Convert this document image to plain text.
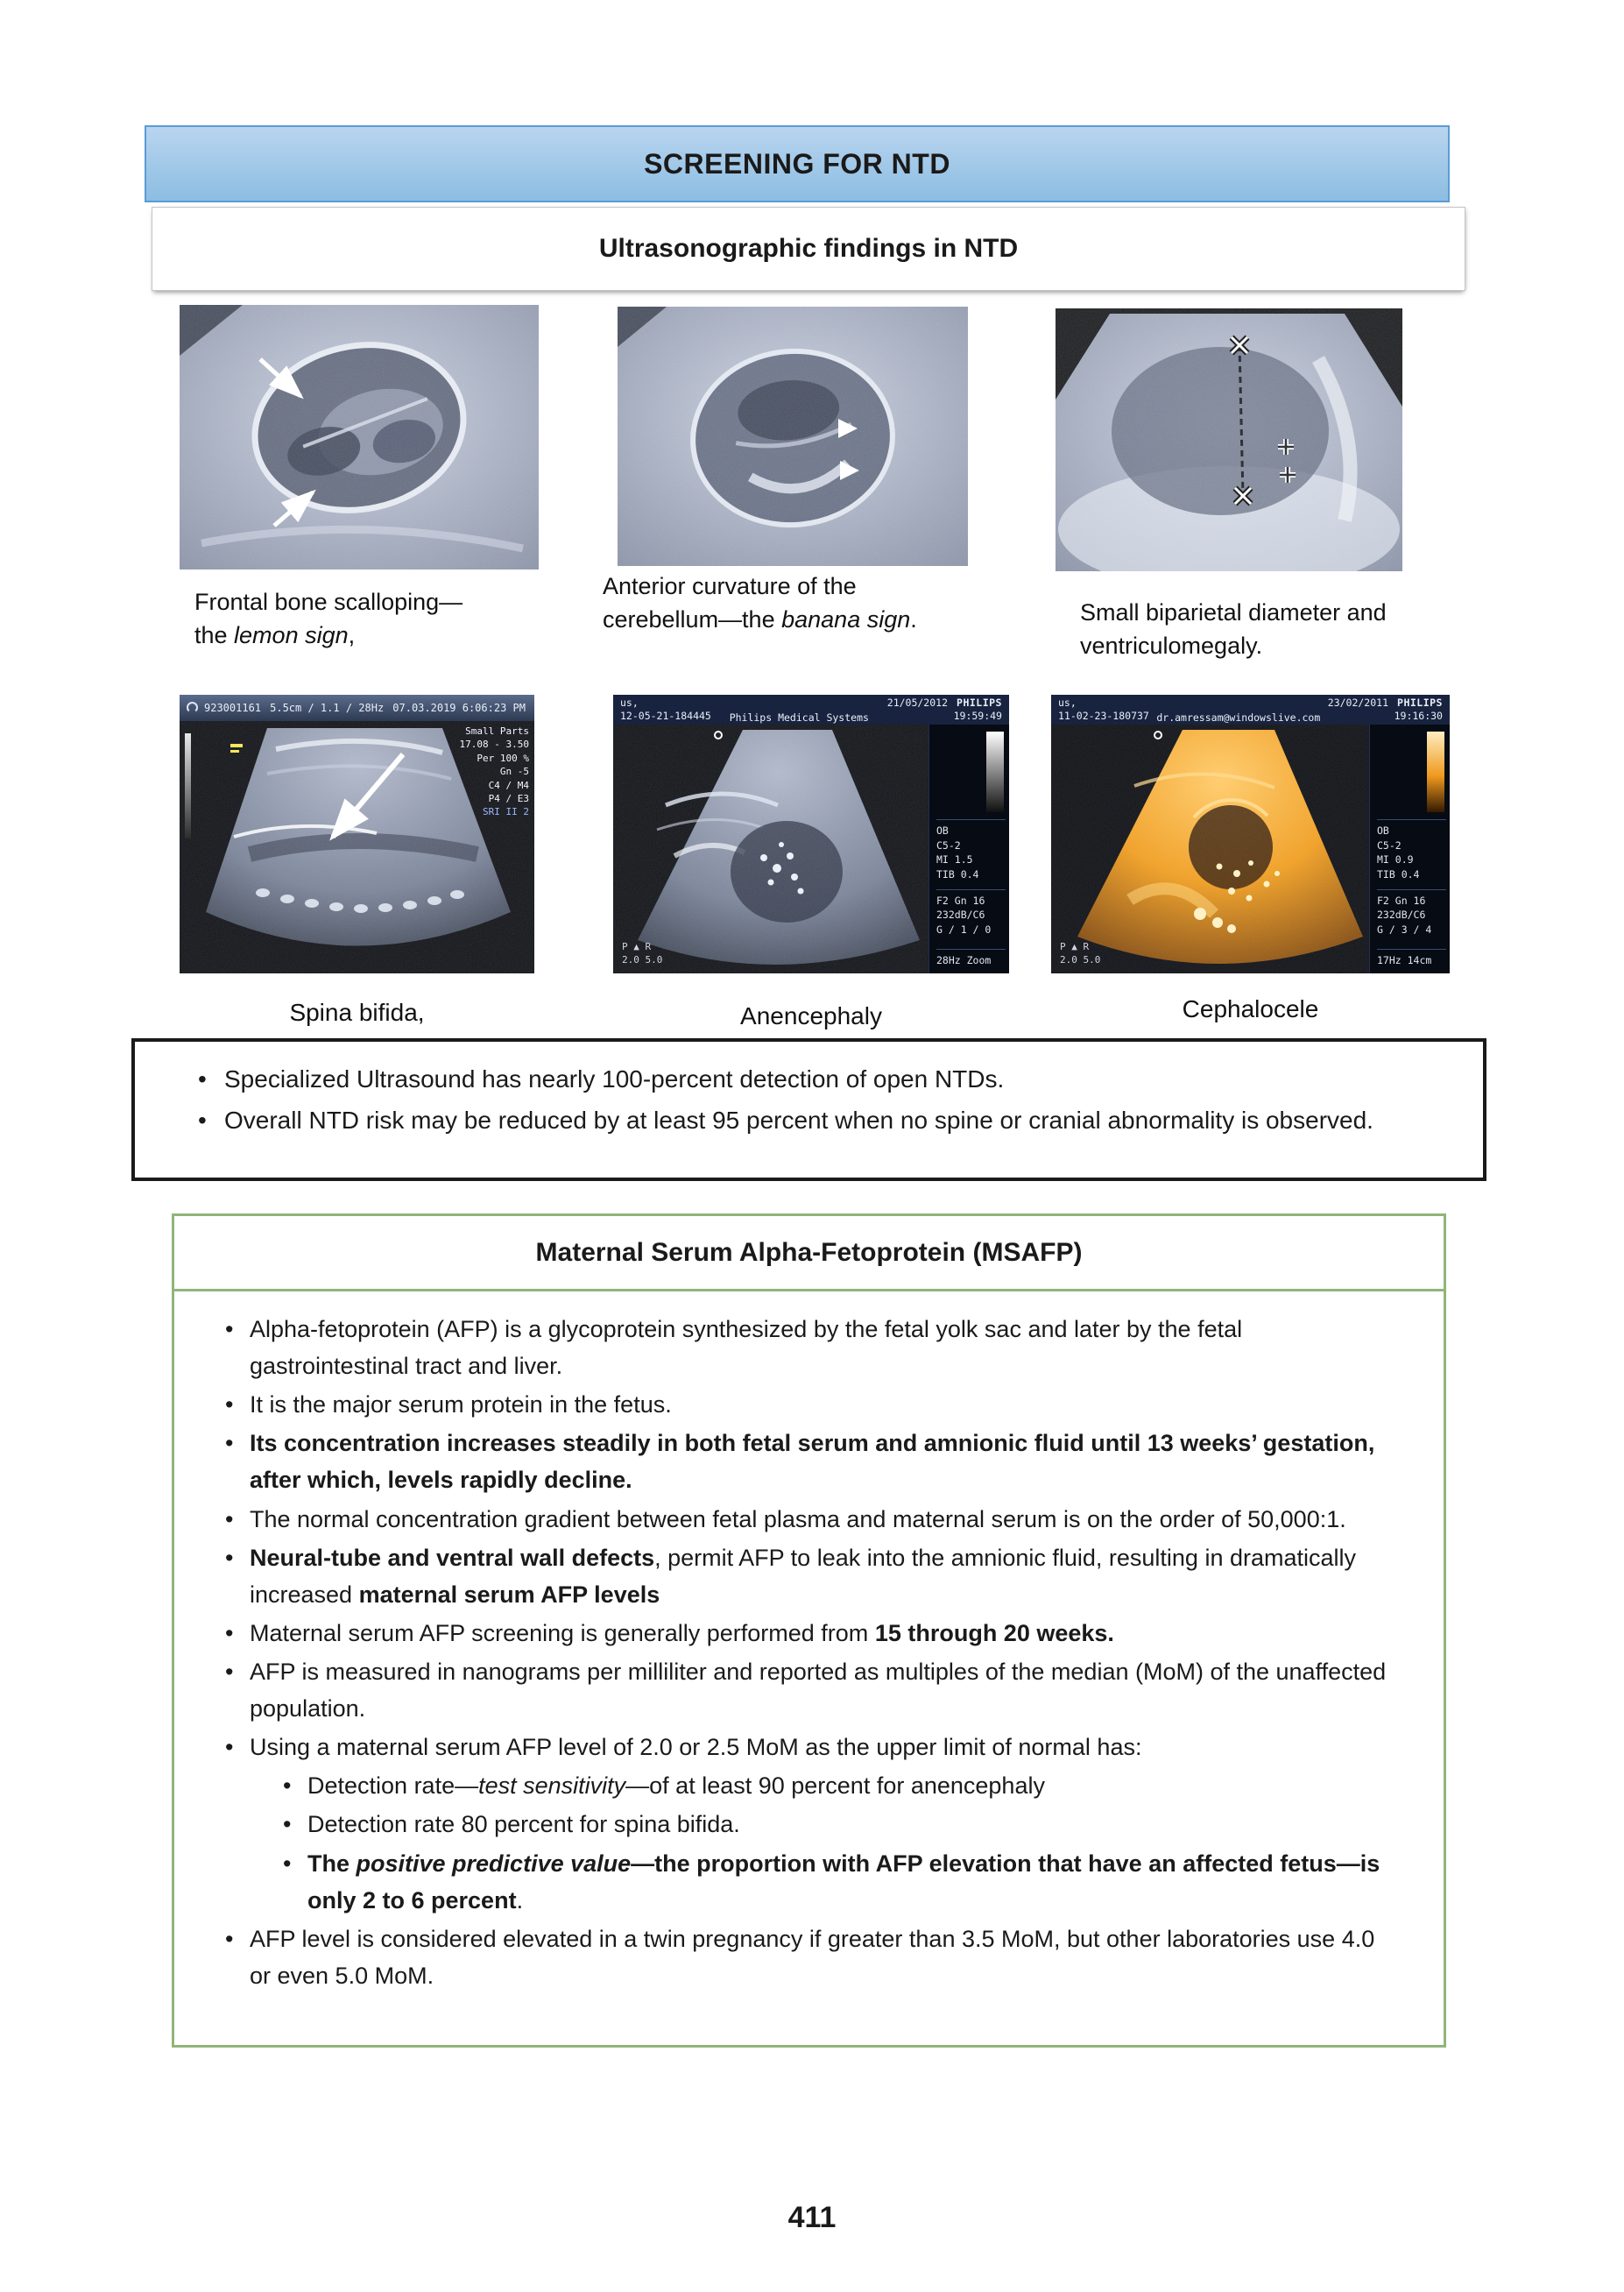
SCREENING FOR NTD
Ultrasonographic findings in NTD
Frontal bone scalloping—the lemon sign,
Anterior curvature of the cerebellum—the banana sign.	Small biparietal diameter and ventriculomegaly.
923001161 5.5cm / 1.1 / 28Hz 07.03.2019 6:06:23 PM
Small Parts
17.08 - 3.50
Per 100 %
Gn -5
C4 / M4
P4 / E3
SRI II 2
us,
12-05-21-184445 Philips Medical Systems
21/05/2012 PHILIPS
19:59:49
OB
C5-2
MI 1.5
TIB 0.4
F2 Gn 16
232dB/C6
G / 1 / 0
28Hz Zoom
P ▲ R
2.0 5.0
us,
11-02-23-180737 dr.amressam@windowslive.com
23/02/2011 PHILIPS
19:16:30
OB
C5-2
MI 0.9
TIB 0.4
F2 Gn 16
232dB/C6
G / 3 / 4
17Hz 14cm
P ▲ R
2.0 5.0
Spina bifida,	Anencephaly	Cephalocele
• Specialized Ultrasound has nearly 100-percent detection of open NTDs.
• Overall NTD risk may be reduced by at least 95 percent when no spine or cranial abnormality is observed.
Maternal Serum Alpha-Fetoprotein (MSAFP)
• Alpha-fetoprotein (AFP) is a glycoprotein synthesized by the fetal yolk sac and later by the fetal gastrointestinal tract and liver.
• It is the major serum protein in the fetus.
• Its concentration increases steadily in both fetal serum and amnionic fluid until 13 weeks’ gestation, after which, levels rapidly decline.
• The normal concentration gradient between fetal plasma and maternal serum is on the order of 50,000:1.
• Neural-tube and ventral wall defects, permit AFP to leak into the amnionic fluid, resulting in dramatically increased maternal serum AFP levels
• Maternal serum AFP screening is generally performed from 15 through 20 weeks.
• AFP is measured in nanograms per milliliter and reported as multiples of the median (MoM) of the unaffected population.
• Using a maternal serum AFP level of 2.0 or 2.5 MoM as the upper limit of normal has:
• Detection rate—test sensitivity—of at least 90 percent for anencephaly
• Detection rate 80 percent for spina bifida.
• The positive predictive value—the proportion with AFP elevation that have an affected fetus—is only 2 to 6 percent.
• AFP level is considered elevated in a twin pregnancy if greater than 3.5 MoM, but other laboratories use 4.0 or even 5.0 MoM.
411
